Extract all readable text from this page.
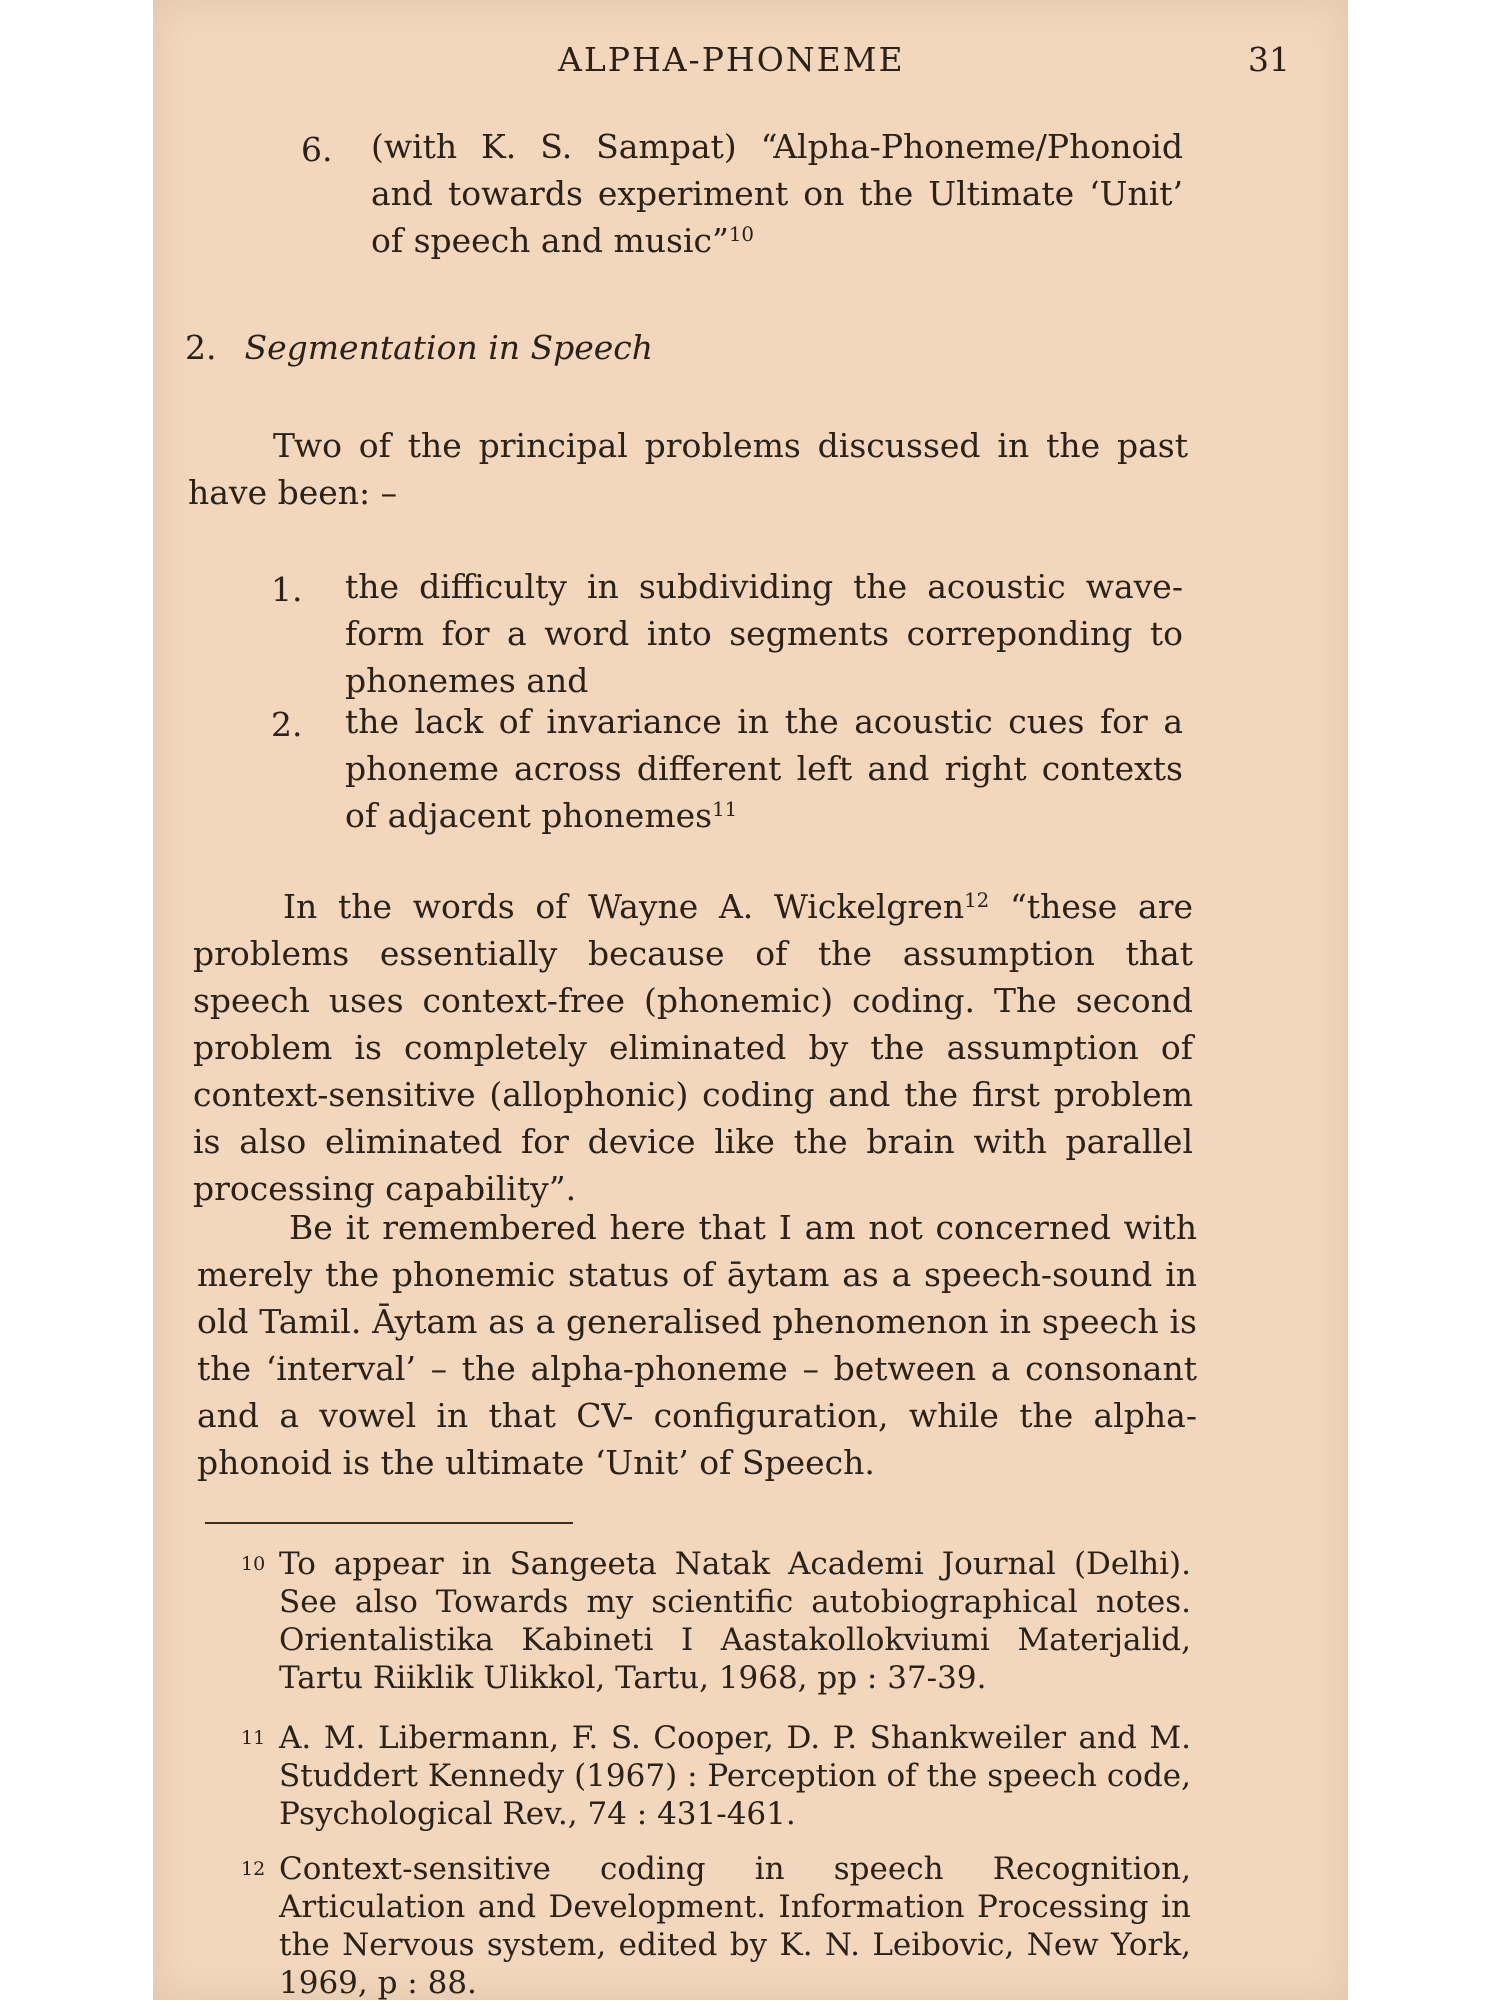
ALPHA-PHONEME	31
6. (with K. S. Sampat) “Alpha-Phoneme/Phonoid and towards experiment on the Ultimate ‘Unit’ of speech and music”$^{10}$

2. Segmentation in Speech

Two of the principal problems discussed in the past have been: –

1. the difficulty in subdividing the acoustic wave-form for a word into segments correponding to phonemes and

2. the lack of invariance in the acoustic cues for a phoneme across different left and right contexts of adjacent phonemes$^{11}$

In the words of Wayne A. Wickelgren$^{12}$ “these are problems essentially because of the assumption that speech uses context-free (phonemic) coding. The second problem is completely eliminated by the assumption of context-sensitive (allophonic) coding and the first problem is also eliminated for device like the brain with parallel processing capability”.

Be it remembered here that I am not concerned with merely the phonemic status of āytam as a speech-sound in old Tamil. Āytam as a generalised phenomenon in speech is the ‘interval’ – the alpha-phoneme – between a consonant and a vowel in that CV- configuration, while the alpha-phonoid is the ultimate ‘Unit’ of Speech.

10 To appear in Sangeeta Natak Academi Journal (Delhi). See also Towards my scientific autobiographical notes. Orientalistika Kabineti I Aastakollokviumi Materjalid, Tartu Riiklik Ulikkol, Tartu, 1968, pp : 37-39.

11 A. M. Libermann, F. S. Cooper, D. P. Shankweiler and M. Studdert Kennedy (1967) : Perception of the speech code, Psychological Rev., 74 : 431-461.

12 Context-sensitive coding in speech Recognition, Articulation and Development. Information Processing in the Nervous system, edited by K. N. Leibovic, New York, 1969, p : 88.
